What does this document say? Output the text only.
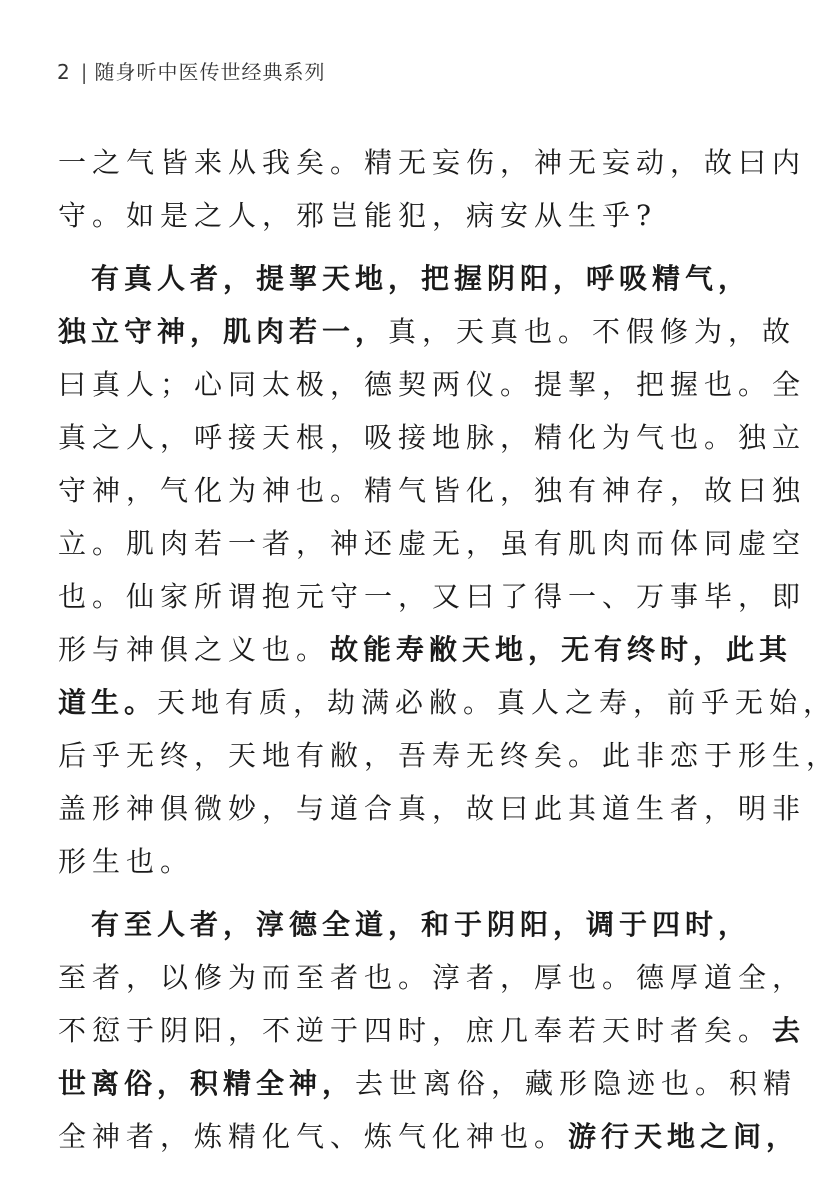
2 | 随身听中医传世经典系列
一之气皆来从我矣。精无妄伤，神无妄动，故曰内
守。如是之人，邪岂能犯，病安从生乎?
　有真人者，提挈天地，把握阴阳，呼吸精气，
独立守神，肌肉若一，真，天真也。不假修为，故
曰真人；心同太极，德契两仪。提挈，把握也。全
真之人，呼接天根，吸接地脉，精化为气也。独立
守神，气化为神也。精气皆化，独有神存，故曰独
立。肌肉若一者，神还虚无，虽有肌肉而体同虚空
也。仙家所谓抱元守一，又曰了得一、万事毕，即
形与神俱之义也。故能寿敝天地，无有终时，此其
道生。天地有质，劫满必敝。真人之寿，前乎无始，
后乎无终，天地有敝，吾寿无终矣。此非恋于形生，
盖形神俱微妙，与道合真，故曰此其道生者，明非
形生也。
　有至人者，淳德全道，和于阴阳，调于四时，
至者，以修为而至者也。淳者，厚也。德厚道全，
不愆于阴阳，不逆于四时，庶几奉若天时者矣。去
世离俗，积精全神，去世离俗，藏形隐迹也。积精
全神者，炼精化气、炼气化神也。游行天地之间，
